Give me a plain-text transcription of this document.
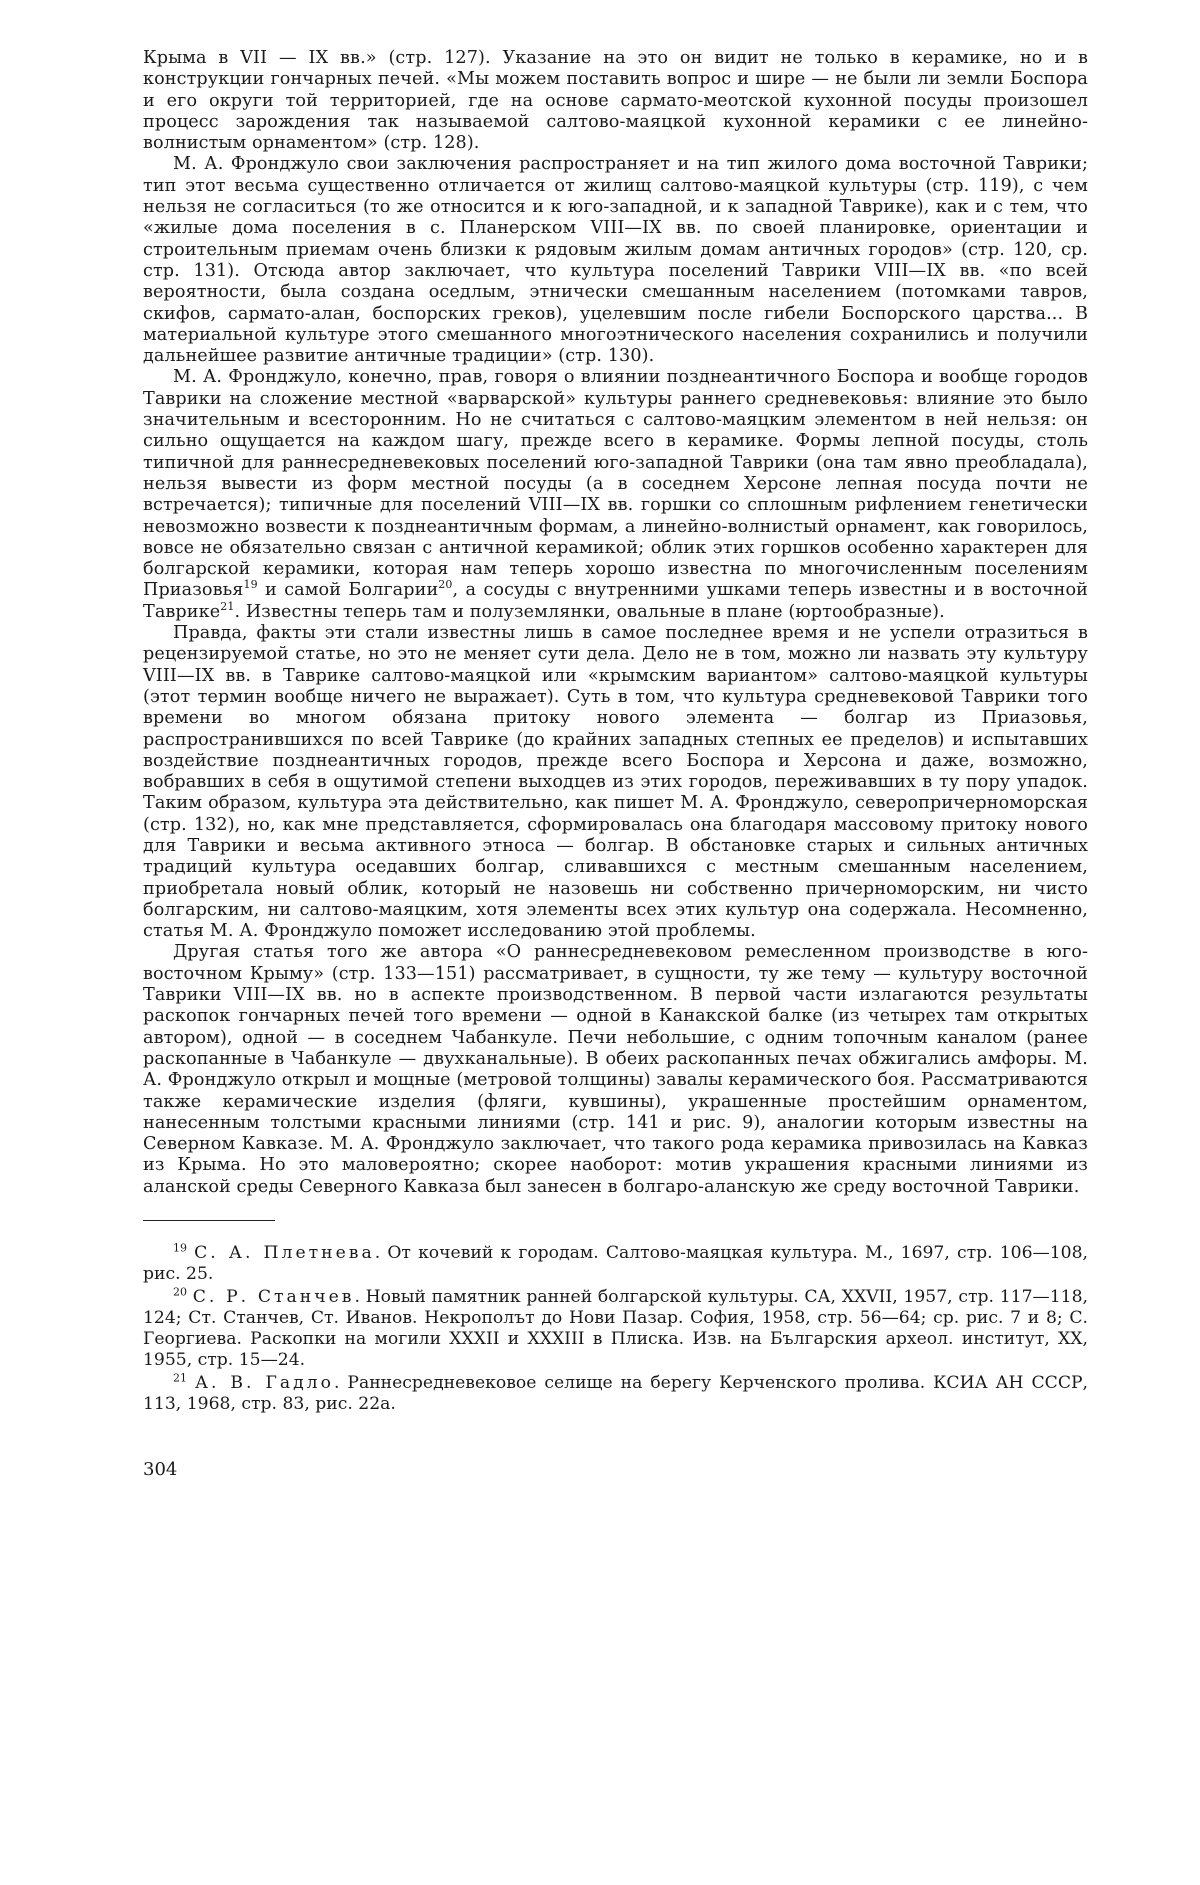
Крыма в VII — IX вв.» (стр. 127). Указание на это он видит не только в керамике, но и в конструкции гончарных печей. «Мы можем поставить вопрос и шире — не были ли земли Боспора и его округи той территорией, где на основе сармато-меотской кухонной посуды произошел процесс зарождения так называемой салтово-маяцкой кухонной керамики с ее линейно-волнистым орнаментом» (стр. 128).

М. А. Фронджуло свои заключения распространяет и на тип жилого дома восточной Таврики; тип этот весьма существенно отличается от жилищ салтово-маяцкой культуры (стр. 119), с чем нельзя не согласиться (то же относится и к юго-западной, и к западной Таврике), как и с тем, что «жилые дома поселения в с. Планерском VIII—IX вв. по своей планировке, ориентации и строительным приемам очень близки к рядовым жилым домам античных городов» (стр. 120, ср. стр. 131). Отсюда автор заключает, что культура поселений Таврики VIII—IX вв. «по всей вероятности, была создана оседлым, этнически смешанным населением (потомками тавров, скифов, сармато-алан, боспорских греков), уцелевшим после гибели Боспорского царства... В материальной культуре этого смешанного многоэтнического населения сохранились и получили дальнейшее развитие античные традиции» (стр. 130).

М. А. Фронджуло, конечно, прав, говоря о влиянии позднеантичного Боспора и вообще городов Таврики на сложение местной «варварской» культуры раннего средневековья: влияние это было значительным и всесторонним. Но не считаться с салтово-маяцким элементом в ней нельзя: он сильно ощущается на каждом шагу, прежде всего в керамике. Формы лепной посуды, столь типичной для раннесредневековых поселений юго-западной Таврики (она там явно преобладала), нельзя вывести из форм местной посуды (а в соседнем Херсоне лепная посуда почти не встречается); типичные для поселений VIII—IX вв. горшки со сплошным рифлением генетически невозможно возвести к позднеантичным формам, а линейно-волнистый орнамент, как говорилось, вовсе не обязательно связан с античной керамикой; облик этих горшков особенно характерен для болгарской керамики, которая нам теперь хорошо известна по многочисленным поселениям Приазовья$^{19}$ и самой Болгарии$^{20}$, а сосуды с внутренними ушками теперь известны и в восточной Таврике$^{21}$. Известны теперь там и полуземлянки, овальные в плане (юртообразные).

Правда, факты эти стали известны лишь в самое последнее время и не успели отразиться в рецензируемой статье, но это не меняет сути дела. Дело не в том, можно ли назвать эту культуру VIII—IX вв. в Таврике салтово-маяцкой или «крымским вариантом» салтово-маяцкой культуры (этот термин вообще ничего не выражает). Суть в том, что культура средневековой Таврики того времени во многом обязана притоку нового элемента — болгар из Приазовья, распространившихся по всей Таврике (до крайних западных степных ее пределов) и испытавших воздействие позднеантичных городов, прежде всего Боспора и Херсона и даже, возможно, вобравших в себя в ощутимой степени выходцев из этих городов, переживавших в ту пору упадок. Таким образом, культура эта действительно, как пишет М. А. Фронджуло, северопричерноморская (стр. 132), но, как мне представляется, сформировалась она благодаря массовому притоку нового для Таврики и весьма активного этноса — болгар. В обстановке старых и сильных античных традиций культура оседавших болгар, сливавшихся с местным смешанным населением, приобретала новый облик, который не назовешь ни собственно причерноморским, ни чисто болгарским, ни салтово-маяцким, хотя элементы всех этих культур она содержала. Несомненно, статья М. А. Фронджуло поможет исследованию этой проблемы.

Другая статья того же автора «О раннесредневековом ремесленном производстве в юго-восточном Крыму» (стр. 133—151) рассматривает, в сущности, ту же тему — культуру восточной Таврики VIII—IX вв. но в аспекте производственном. В первой части излагаются результаты раскопок гончарных печей того времени — одной в Канакской балке (из четырех там открытых автором), одной — в соседнем Чабанкуле. Печи небольшие, с одним топочным каналом (ранее раскопанные в Чабанкуле — двухканальные). В обеих раскопанных печах обжигались амфоры. М. А. Фронджуло открыл и мощные (метровой толщины) завалы керамического боя. Рассматриваются также керамические изделия (фляги, кувшины), украшенные простейшим орнаментом, нанесенным толстыми красными линиями (стр. 141 и рис. 9), аналогии которым известны на Северном Кавказе. М. А. Фронджуло заключает, что такого рода керамика привозилась на Кавказ из Крыма. Но это маловероятно; скорее наоборот: мотив украшения красными линиями из аланской среды Северного Кавказа был занесен в болгаро-аланскую же среду восточной Таврики.

$^{19}$ С. А. Плетнева. От кочевий к городам. Салтово-маяцкая культура. М., 1697, стр. 106—108, рис. 25.

$^{20}$ С. Р. Станчев. Новый памятник ранней болгарской культуры. СА, XXVII, 1957, стр. 117—118, 124; Ст. Станчев, Ст. Иванов. Некрополът до Нови Пазар. София, 1958, стр. 56—64; ср. рис. 7 и 8; С. Георгиева. Раскопки на могили XXXII и XXXIII в Плиска. Изв. на Българския археол. институт, XX, 1955, стр. 15—24.

$^{21}$ А. В. Гадло. Раннесредневековое селище на берегу Керченского пролива. КСИА АН СССР, 113, 1968, стр. 83, рис. 22а.

304
